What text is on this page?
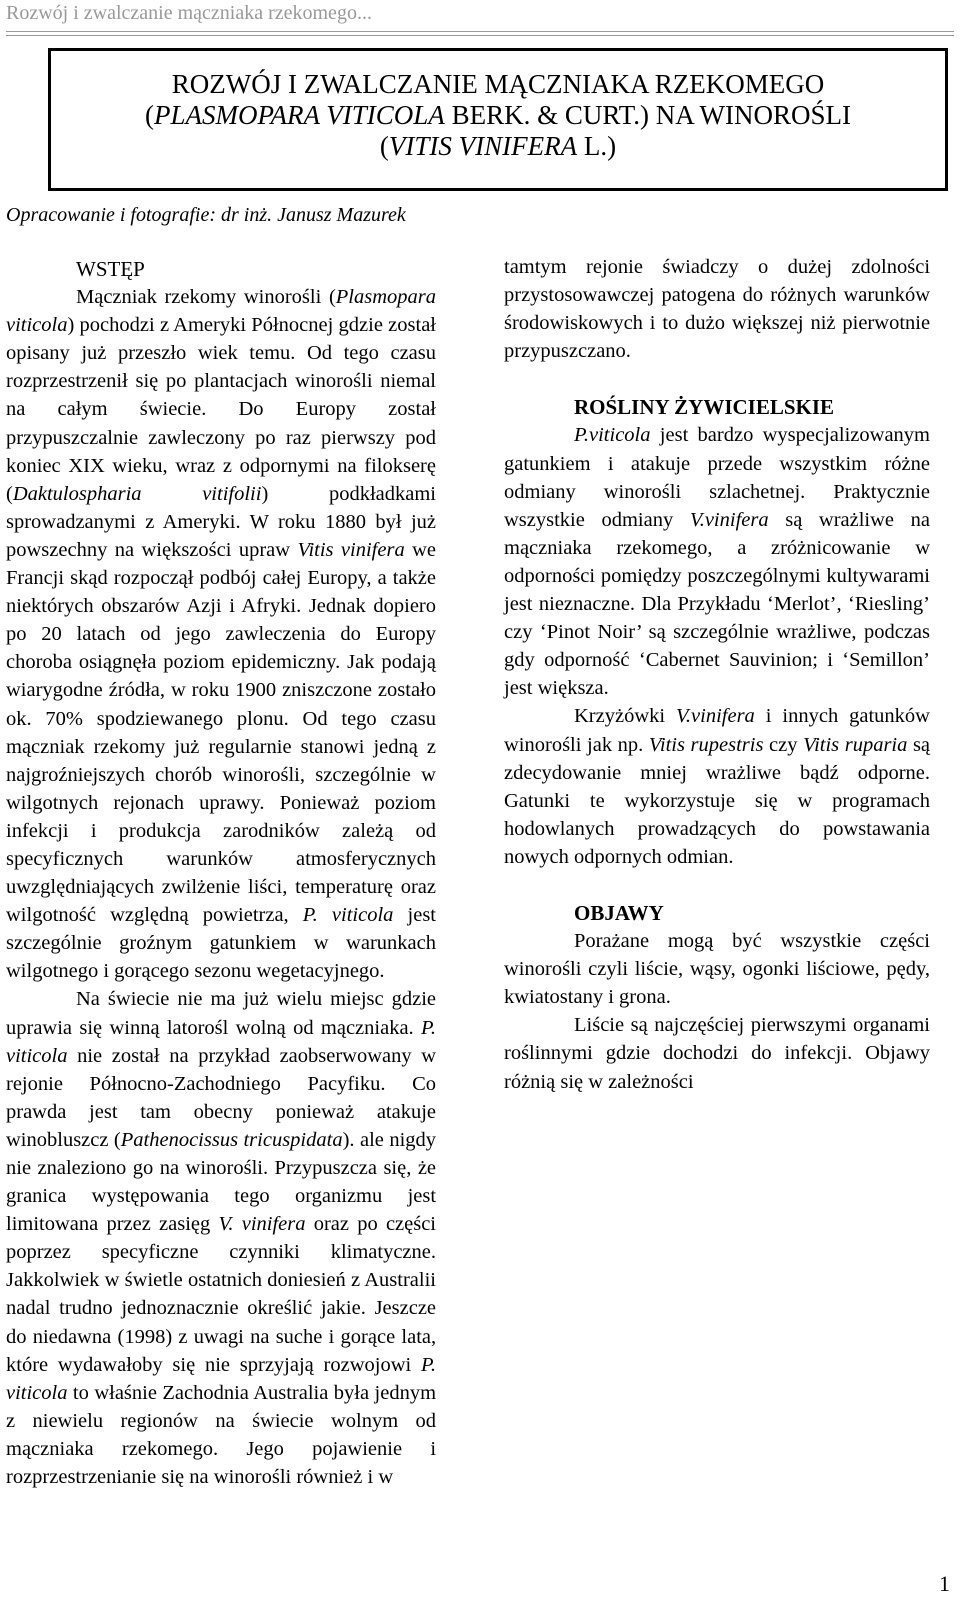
Rozwój i zwalczanie mączniaka rzekomego...

ROZWÓJ I ZWALCZANIE MĄCZNIAKA RZEKOMEGO

(PLASMOPARA VITICOLA BERK. & CURT.) NA WINOROŚLI

(VITIS VINIFERA L.)

Opracowanie i fotografie: dr inż. Janusz Mazurek

WSTĘP

Mączniak rzekomy winorośli (Plasmopara viticola) pochodzi z Ameryki Północnej gdzie został opisany już przeszło wiek temu. Od tego czasu rozprzestrzenił się po plantacjach winorośli niemal na całym świecie. Do Europy został przypuszczalnie zawleczony po raz pierwszy pod koniec XIX wieku, wraz z odpornymi na filokserę (Daktulospharia vitifolii) podkładkami sprowadzanymi z Ameryki. W roku 1880 był już powszechny na większości upraw Vitis vinifera we Francji skąd rozpoczął podbój całej Europy, a także niektórych obszarów Azji i Afryki. Jednak dopiero po 20 latach od jego zawleczenia do Europy choroba osiągnęła poziom epidemiczny. Jak podają wiarygodne źródła, w roku 1900 zniszczone zostało ok. 70% spodziewanego plonu. Od tego czasu mączniak rzekomy już regularnie stanowi jedną z najgroźniejszych chorób winorośli, szczególnie w wilgotnych rejonach uprawy. Ponieważ poziom infekcji i produkcja zarodników zależą od specyficznych warunków atmosferycznych uwzględniających zwilżenie liści, temperaturę oraz wilgotność względną powietrza, P. viticola jest szczególnie groźnym gatunkiem w warunkach wilgotnego i gorącego sezonu wegetacyjnego.

Na świecie nie ma już wielu miejsc gdzie uprawia się winną latorośl wolną od mączniaka. P. viticola nie został na przykład zaobserwowany w rejonie Północno-Zachodniego Pacyfiku. Co prawda jest tam obecny ponieważ atakuje winobluszcz (Pathenocissus tricuspidata). ale nigdy nie znaleziono go na winorośli. Przypuszcza się, że granica występowania tego organizmu jest limitowana przez zasięg V. vinifera oraz po części poprzez specyficzne czynniki klimatyczne. Jakkolwiek w świetle ostatnich doniesień z Australii nadal trudno jednoznacznie określić jakie. Jeszcze do niedawna (1998) z uwagi na suche i gorące lata, które wydawałoby się nie sprzyjają rozwojowi P. viticola to właśnie Zachodnia Australia była jednym z niewielu regionów na świecie wolnym od mączniaka rzekomego. Jego pojawienie i rozprzestrzenianie się na winorośli również i w

tamtym rejonie świadczy o dużej zdolności przystosowawczej patogena do różnych warunków środowiskowych i to dużo większej niż pierwotnie przypuszczano.

ROŚLINY ŻYWICIELSKIE

P.viticola jest bardzo wyspecjalizowanym gatunkiem i atakuje przede wszystkim różne odmiany winorośli szlachetnej. Praktycznie wszystkie odmiany V.vinifera są wrażliwe na mączniaka rzekomego, a zróżnicowanie w odporności pomiędzy poszczególnymi kultywarami jest nieznaczne. Dla Przykładu ‘Merlot’, ‘Riesling’ czy ‘Pinot Noir’ są szczególnie wrażliwe, podczas gdy odporność ‘Cabernet Sauvinion; i ‘Semillon’ jest większa.

Krzyżówki V.vinifera i innych gatunków winorośli jak np. Vitis rupestris czy Vitis ruparia są zdecydowanie mniej wrażliwe bądź odporne. Gatunki te wykorzystuje się w programach hodowlanych prowadzących do powstawania nowych odpornych odmian.

OBJAWY

Porażane mogą być wszystkie części winorośli czyli liście, wąsy, ogonki liściowe, pędy, kwiatostany i grona.

Liście są najczęściej pierwszymi organami roślinnymi gdzie dochodzi do infekcji. Objawy różnią się w zależności

1
